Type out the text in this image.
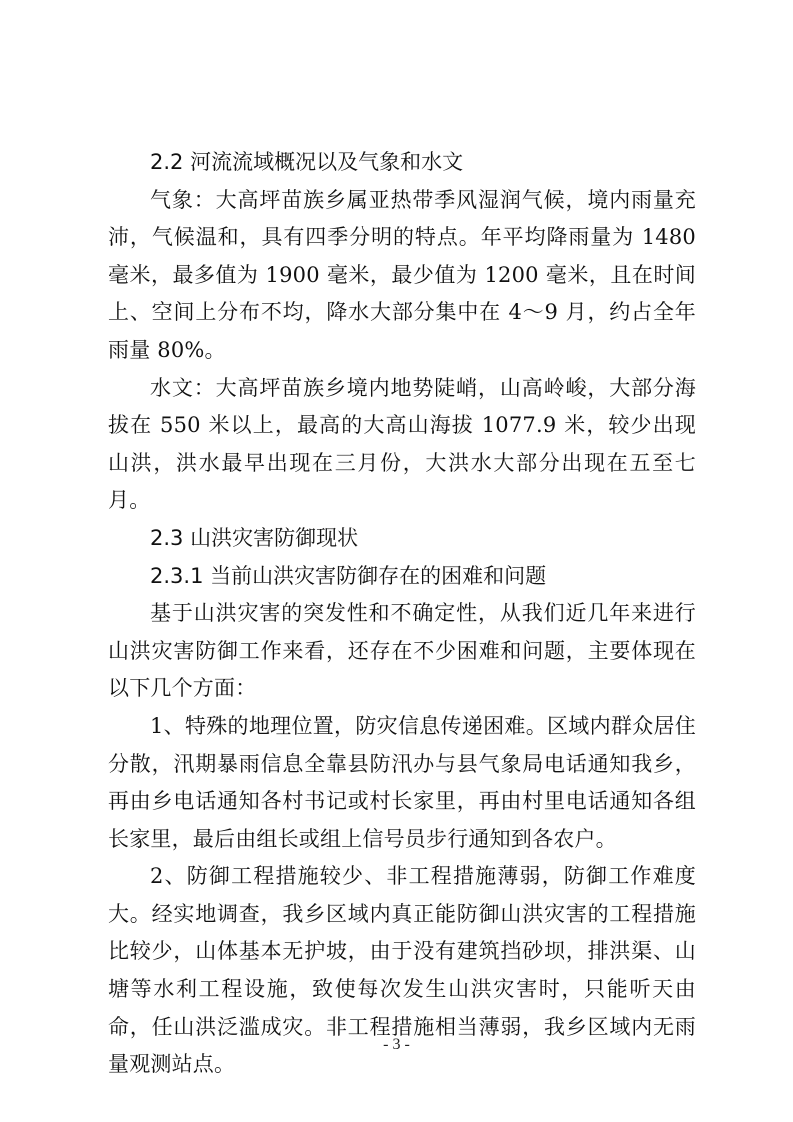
2.2 河流流域概况以及气象和水文

气象：大高坪苗族乡属亚热带季风湿润气候，境内雨量充沛，气候温和，具有四季分明的特点。年平均降雨量为 1480 毫米，最多值为 1900 毫米，最少值为 1200 毫米，且在时间上、空间上分布不均，降水大部分集中在 4～9 月，约占全年雨量 80%。

水文：大高坪苗族乡境内地势陡峭，山高岭峻，大部分海拔在 550 米以上，最高的大高山海拔 1077.9 米，较少出现山洪，洪水最早出现在三月份，大洪水大部分出现在五至七月。

2.3 山洪灾害防御现状

2.3.1 当前山洪灾害防御存在的困难和问题

基于山洪灾害的突发性和不确定性，从我们近几年来进行山洪灾害防御工作来看，还存在不少困难和问题，主要体现在以下几个方面：

1、特殊的地理位置，防灾信息传递困难。区域内群众居住分散，汛期暴雨信息全靠县防汛办与县气象局电话通知我乡，再由乡电话通知各村书记或村长家里，再由村里电话通知各组长家里，最后由组长或组上信号员步行通知到各农户。

2、防御工程措施较少、非工程措施薄弱，防御工作难度大。经实地调查，我乡区域内真正能防御山洪灾害的工程措施比较少，山体基本无护坡，由于没有建筑挡砂坝，排洪渠、山塘等水利工程设施，致使每次发生山洪灾害时，只能听天由命，任山洪泛滥成灾。非工程措施相当薄弱，我乡区域内无雨量观测站点。

- 3 -
